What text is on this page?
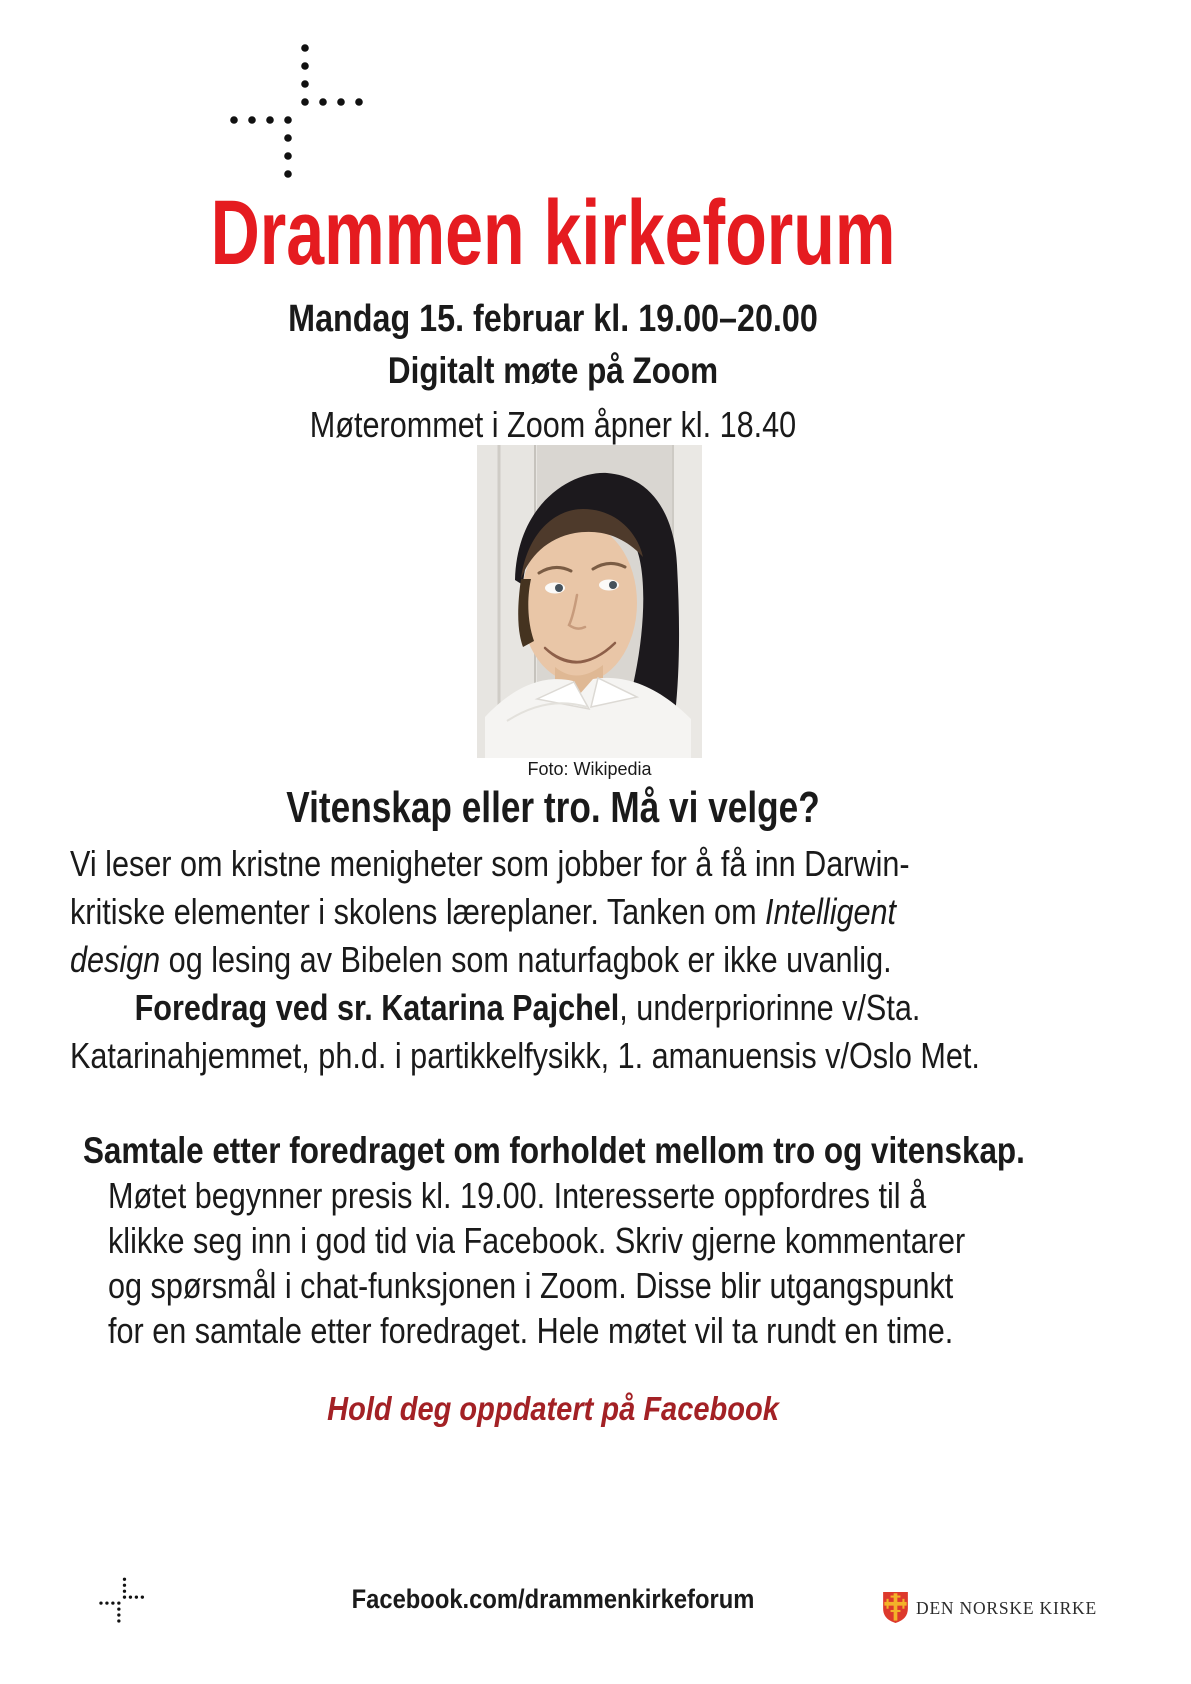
Drammen kirkeforum
Mandag 15. februar kl. 19.00–20.00
Digitalt møte på Zoom
Møterommet i Zoom åpner kl. 18.40
Foto: Wikipedia
Vitenskap eller tro. Må vi velge?
Vi leser om kristne menigheter som jobber for å få inn Darwin-
kritiske elementer i skolens læreplaner. Tanken om Intelligent
design og lesing av Bibelen som naturfagbok er ikke uvanlig.
Foredrag ved sr. Katarina Pajchel, underpriorinne v/Sta.
Katarinahjemmet, ph.d. i partikkelfysikk, 1. amanuensis v/Oslo Met.
Samtale etter foredraget om forholdet mellom tro og vitenskap.
Møtet begynner presis kl. 19.00. Interesserte oppfordres til å
klikke seg inn i god tid via Facebook. Skriv gjerne kommentarer
og spørsmål i chat-funksjonen i Zoom. Disse blir utgangspunkt
for en samtale etter foredraget. Hele møtet vil ta rundt en time.
Hold deg oppdatert på Facebook
Facebook.com/drammenkirkeforum	DEN NORSKE KIRKE
